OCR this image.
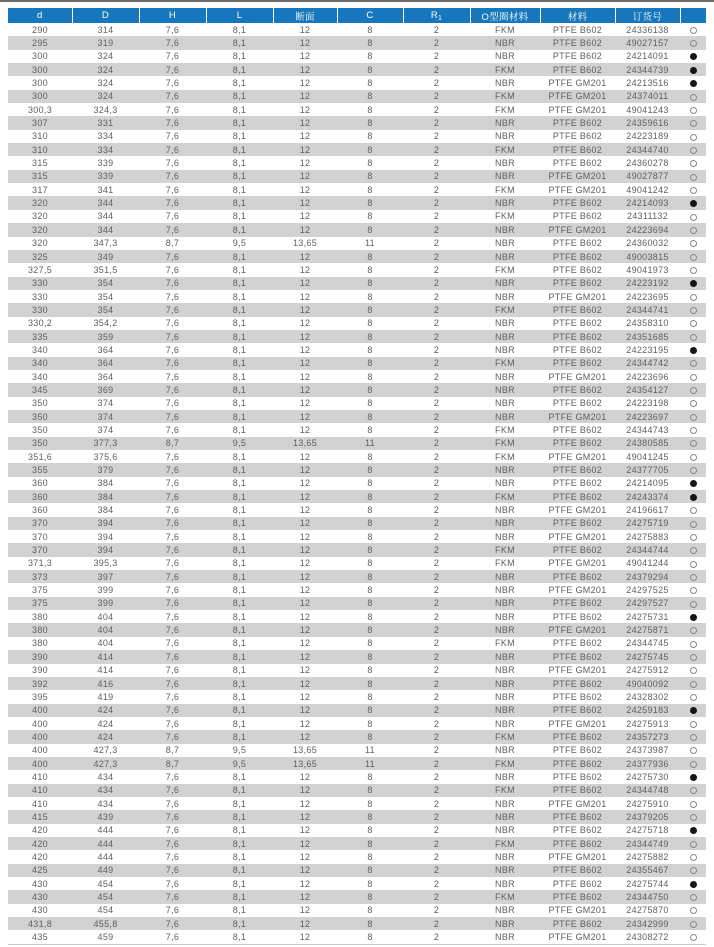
d	D	H	L	断面	C	$R_1$	O型圈材料	材料	订货号	
290	314	7,6	8,1	12	8	2	FKM	PTFE B602	24336138	
295	319	7,6	8,1	12	8	2	NBR	PTFE B602	49027157	
300	324	7,6	8,1	12	8	2	NBR	PTFE B602	24214091	
300	324	7,6	8,1	12	8	2	FKM	PTFE B602	24344739	
300	324	7,6	8,1	12	8	2	NBR	PTFE GM201	24213516	
300	324	7,6	8,1	12	8	2	FKM	PTFE GM201	24374011	
300,3	324,3	7,6	8,1	12	8	2	FKM	PTFE GM201	49041243	
307	331	7,6	8,1	12	8	2	NBR	PTFE B602	24359616	
310	334	7,6	8,1	12	8	2	NBR	PTFE B602	24223189	
310	334	7,6	8,1	12	8	2	FKM	PTFE B602	24344740	
315	339	7,6	8,1	12	8	2	NBR	PTFE B602	24360278	
315	339	7,6	8,1	12	8	2	NBR	PTFE GM201	49027877	
317	341	7,6	8,1	12	8	2	FKM	PTFE GM201	49041242	
320	344	7,6	8,1	12	8	2	NBR	PTFE B602	24214093	
320	344	7,6	8,1	12	8	2	FKM	PTFE B602	24311132	
320	344	7,6	8,1	12	8	2	NBR	PTFE GM201	24223694	
320	347,3	8,7	9,5	13,65	11	2	NBR	PTFE B602	24360032	
325	349	7,6	8,1	12	8	2	NBR	PTFE B602	49003815	
327,5	351,5	7,6	8,1	12	8	2	FKM	PTFE B602	49041973	
330	354	7,6	8,1	12	8	2	NBR	PTFE B602	24223192	
330	354	7,6	8,1	12	8	2	NBR	PTFE GM201	24223695	
330	354	7,6	8,1	12	8	2	FKM	PTFE B602	24344741	
330,2	354,2	7,6	8,1	12	8	2	NBR	PTFE B602	24358310	
335	359	7,6	8,1	12	8	2	NBR	PTFE B602	24351685	
340	364	7,6	8,1	12	8	2	NBR	PTFE B602	24223195	
340	364	7,6	8,1	12	8	2	FKM	PTFE B602	24344742	
340	364	7,6	8,1	12	8	2	NBR	PTFE GM201	24223696	
345	369	7,6	8,1	12	8	2	NBR	PTFE B602	24354127	
350	374	7,6	8,1	12	8	2	NBR	PTFE B602	24223198	
350	374	7,6	8,1	12	8	2	NBR	PTFE GM201	24223697	
350	374	7,6	8,1	12	8	2	FKM	PTFE B602	24344743	
350	377,3	8,7	9,5	13,65	11	2	FKM	PTFE B602	24380585	
351,6	375,6	7,6	8,1	12	8	2	FKM	PTFE GM201	49041245	
355	379	7,6	8,1	12	8	2	NBR	PTFE B602	24377705	
360	384	7,6	8,1	12	8	2	NBR	PTFE B602	24214095	
360	384	7,6	8,1	12	8	2	FKM	PTFE B602	24243374	
360	384	7,6	8,1	12	8	2	NBR	PTFE GM201	24196617	
370	394	7,6	8,1	12	8	2	NBR	PTFE B602	24275719	
370	394	7,6	8,1	12	8	2	NBR	PTFE GM201	24275883	
370	394	7,6	8,1	12	8	2	FKM	PTFE B602	24344744	
371,3	395,3	7,6	8,1	12	8	2	FKM	PTFE GM201	49041244	
373	397	7,6	8,1	12	8	2	NBR	PTFE B602	24379294	
375	399	7,6	8,1	12	8	2	NBR	PTFE GM201	24297525	
375	399	7,6	8,1	12	8	2	NBR	PTFE B602	24297527	
380	404	7,6	8,1	12	8	2	NBR	PTFE B602	24275731	
380	404	7,6	8,1	12	8	2	NBR	PTFE GM201	24275871	
380	404	7,6	8,1	12	8	2	FKM	PTFE B602	24344745	
390	414	7,6	8,1	12	8	2	NBR	PTFE B602	24275745	
390	414	7,6	8,1	12	8	2	NBR	PTFE GM201	24275912	
392	416	7,6	8,1	12	8	2	NBR	PTFE B602	49040092	
395	419	7,6	8,1	12	8	2	NBR	PTFE B602	24328302	
400	424	7,6	8,1	12	8	2	NBR	PTFE B602	24259183	
400	424	7,6	8,1	12	8	2	NBR	PTFE GM201	24275913	
400	424	7,6	8,1	12	8	2	FKM	PTFE B602	24357273	
400	427,3	8,7	9,5	13,65	11	2	NBR	PTFE B602	24373987	
400	427,3	8,7	9,5	13,65	11	2	FKM	PTFE B602	24377936	
410	434	7,6	8,1	12	8	2	NBR	PTFE B602	24275730	
410	434	7,6	8,1	12	8	2	FKM	PTFE B602	24344748	
410	434	7,6	8,1	12	8	2	NBR	PTFE GM201	24275910	
415	439	7,6	8,1	12	8	2	NBR	PTFE B602	24379205	
420	444	7,6	8,1	12	8	2	NBR	PTFE B602	24275718	
420	444	7,6	8,1	12	8	2	FKM	PTFE B602	24344749	
420	444	7,6	8,1	12	8	2	NBR	PTFE GM201	24275882	
425	449	7,6	8,1	12	8	2	NBR	PTFE B602	24355467	
430	454	7,6	8,1	12	8	2	NBR	PTFE B602	24275744	
430	454	7,6	8,1	12	8	2	FKM	PTFE B602	24344750	
430	454	7,6	8,1	12	8	2	NBR	PTFE GM201	24275870	
431,8	455,8	7,6	8,1	12	8	2	NBR	PTFE B602	24342999	
435	459	7,6	8,1	12	8	2	NBR	PTFE GM201	24308272	
